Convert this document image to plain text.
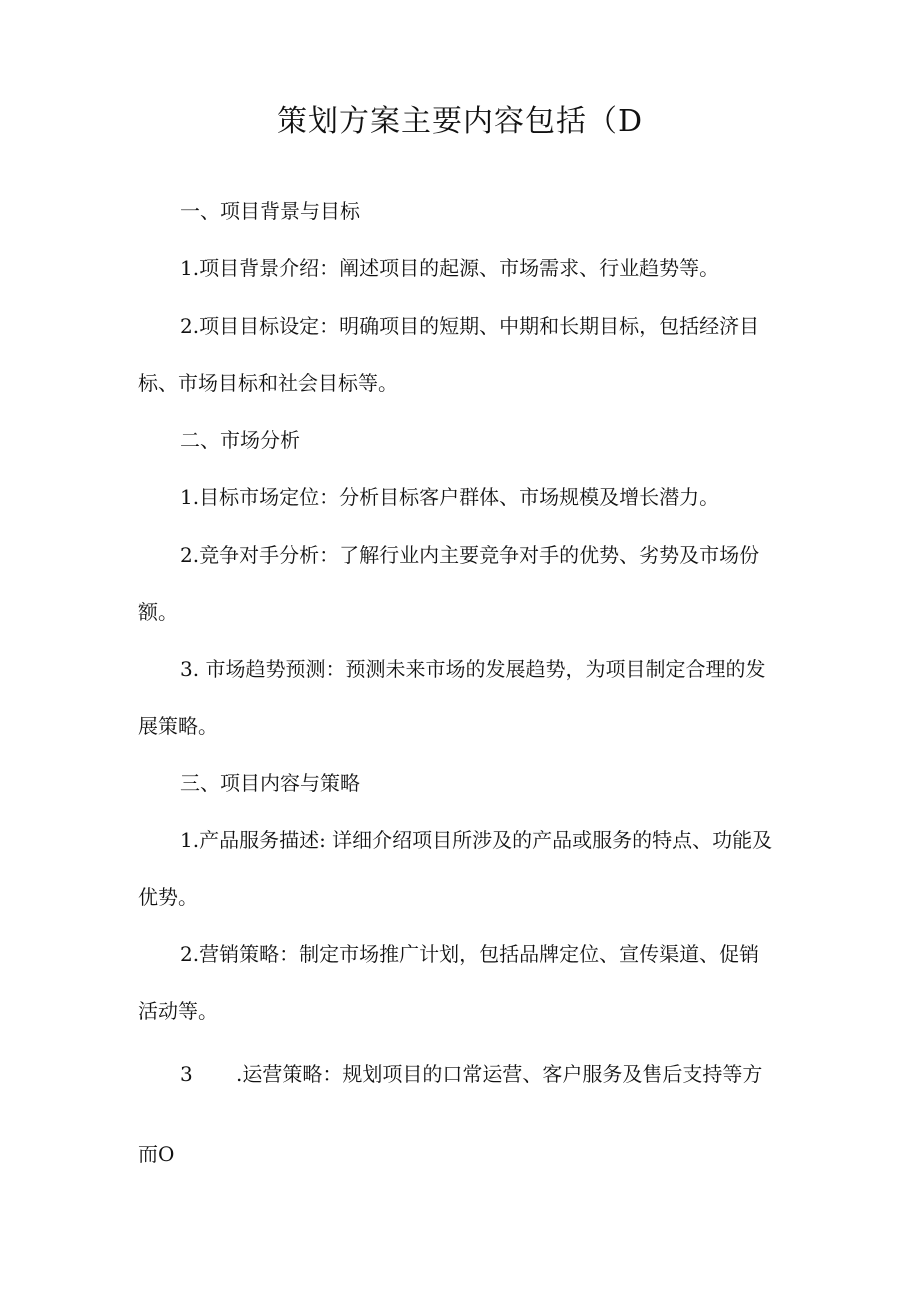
策划方案主要内容包括（D
一、项目背景与目标
1.项目背景介绍：阐述项目的起源、市场需求、行业趋势等。
2.项目目标设定：明确项目的短期、中期和长期目标，包括经济目
标、市场目标和社会目标等。
二、市场分析
1.目标市场定位：分析目标客户群体、市场规模及增长潜力。
2.竞争对手分析：了解行业内主要竞争对手的优势、劣势及市场份
额。
3. 市场趋势预测：预测未来市场的发展趋势，为项目制定合理的发
展策略。
三、项目内容与策略
1.产品服务描述: 详细介绍项目所涉及的产品或服务的特点、功能及
优势。
2.营销策略：制定市场推广计划，包括品牌定位、宣传渠道、促销
活动等。
3 .运营策略：规划项目的口常运营、客户服务及售后支持等方
而O
